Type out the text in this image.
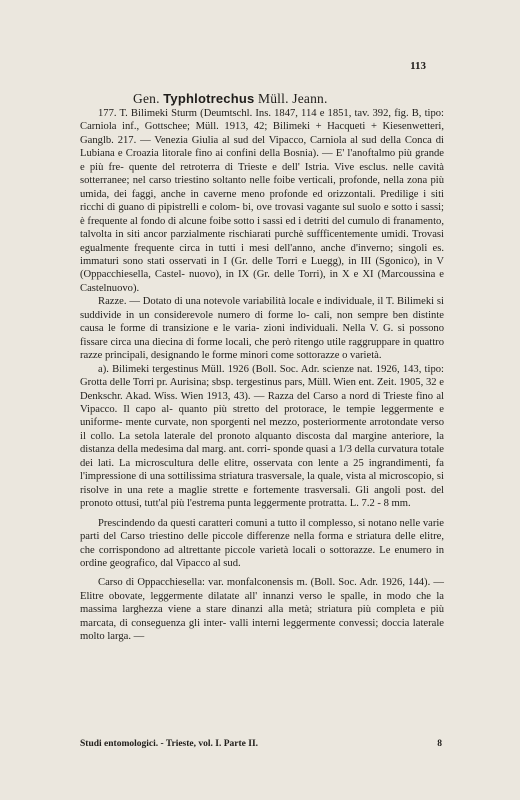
113
Gen. Typhlotrechus Müll. Jeann.

177. T. Bilimeki Sturm (Deumtschl. Ins. 1847, 114 e 1851, tav. 392, fig. B, tipo: Carniola inf., Gottschee; Müll. 1913, 42; Bilimeki + Hacqueti + Kiesenwetteri, Ganglb. 217. — Venezia Giulia al sud del Vipacco, Carniola al sud della Conca di Lubiana e Croazia litorale fino ai confini della Bosnia). — E' l'anoftalmo più grande e più fre- quente del retroterra di Trieste e dell' Istria. Vive esclus. nelle cavità sotterranee; nel carso triestino soltanto nelle foibe verticali, profonde, nella zona più umida, dei faggi, anche in caverne meno profonde ed orizzontali. Predilige i siti ricchi di guano di pipistrelli e colom- bi, ove trovasi vagante sul suolo e sotto i sassi; è frequente al fondo di alcune foibe sotto i sassi ed i detriti del cumulo di franamento, talvolta in siti ancor parzialmente rischiarati purchè suffficentemente umidi. Trovasi egualmente frequente circa in tutti i mesi dell'anno, anche d'inverno; singoli es. immaturi sono stati osservati in I (Gr. delle Torri e Luegg), in III (Sgonico), in V (Oppacchiesella, Castel- nuovo), in IX (Gr. delle Torri), in X e XI (Marcoussina e Castelnuovo).

Razze. — Dotato di una notevole variabilità locale e individuale, il T. Bilimeki si suddivide in un considerevole numero di forme lo- cali, non sempre ben distinte causa le forme di transizione e le varia- zioni individuali. Nella V. G. si possono fissare circa una diecina di forme locali, che però ritengo utile raggruppare in quattro razze principali, designando le forme minori come sottorazze o varietà.

a). Bilimeki tergestinus Müll. 1926 (Boll. Soc. Adr. scienze nat. 1926, 143, tipo: Grotta delle Torri pr. Aurisina; sbsp. tergestinus pars, Müll. Wien ent. Zeit. 1905, 32 e Denkschr. Akad. Wiss. Wien 1913, 43). — Razza del Carso a nord di Trieste fino al Vipacco. Il capo al- quanto più stretto del protorace, le tempie leggermente e uniforme- mente curvate, non sporgenti nel mezzo, posteriormente arrotondate verso il collo. La setola laterale del pronoto alquanto discosta dal margine anteriore, la distanza della medesima dal marg. ant. corri- sponde quasi a 1/3 della curvatura totale dei lati. La microscultura delle elitre, osservata con lente a 25 ingrandimenti, fa l'impressione di una sottilissima striatura trasversale, la quale, vista al microscopio, si risolve in una rete a maglie strette e fortemente trasversali. Gli angoli post. del pronoto ottusi, tutt'al più l'estrema punta leggermente protratta. L. 7.2 - 8 mm.

Prescindendo da questi caratteri comuni a tutto il complesso, si notano nelle varie parti del Carso triestino delle piccole differenze nella forma e striatura delle elitre, che corrispondono ad altrettante piccole varietà locali o sottorazze. Le enumero in ordine geografico, dal Vipacco al sud.

Carso di Oppacchiesella: var. monfalconensis m. (Boll. Soc. Adr. 1926, 144). — Elitre obovate, leggermente dilatate all' innanzi verso le spalle, in modo che la massima larghezza viene a stare dinanzi alla metà; striatura più completa e più marcata, di conseguenza gli inter- valli interni leggermente convessi; doccia laterale molto larga. —

Studi entomologici. - Trieste, vol. I. Parte II.	8
